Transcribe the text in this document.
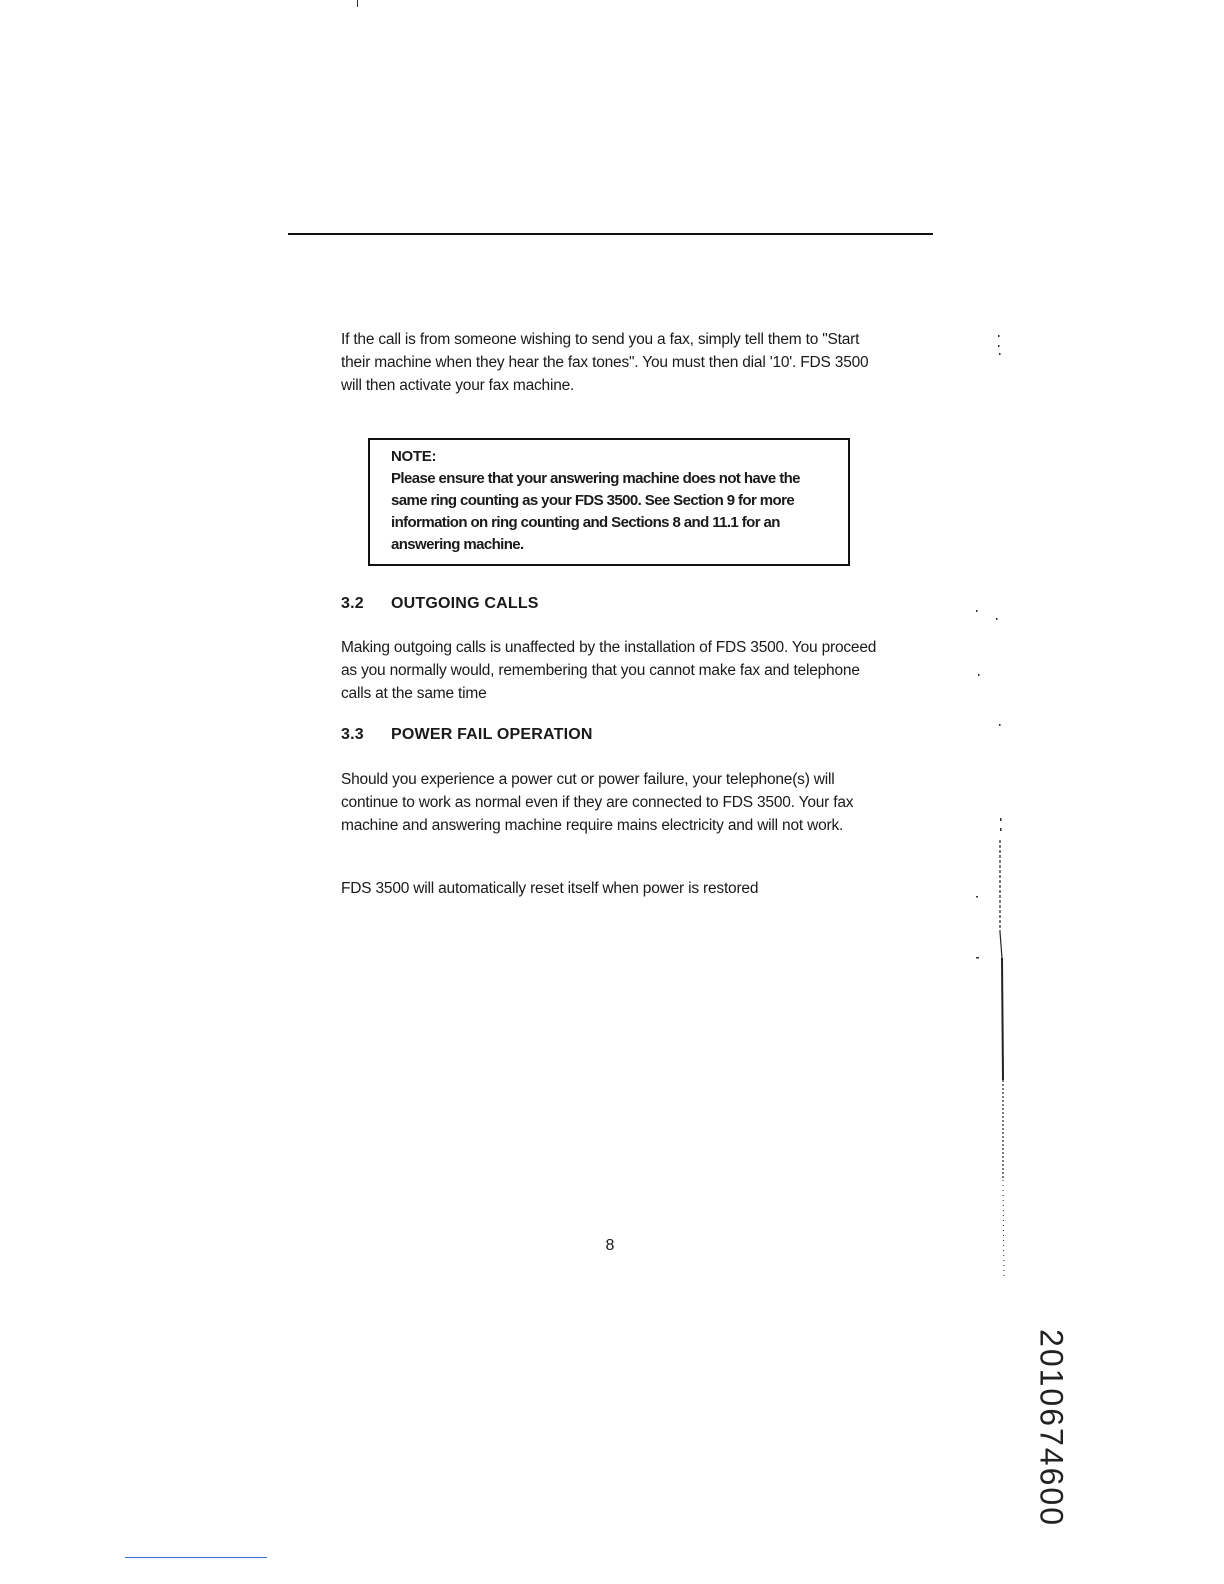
If the call is from someone wishing to send you a fax, simply tell them to "Start their machine when they hear the fax tones". You must then dial '10'. FDS 3500 will then activate your fax machine.

NOTE:

Please ensure that your answering machine does not have the same ring counting as your FDS 3500. See Section 9 for more information on ring counting and Sections 8 and 11.1 for an answering machine.

3.2 OUTGOING CALLS

Making outgoing calls is unaffected by the installation of FDS 3500. You proceed as you normally would, remembering that you cannot make fax and telephone calls at the same time

3.3 POWER FAIL OPERATION

Should you experience a power cut or power failure, your telephone(s) will continue to work as normal even if they are connected to FDS 3500. Your fax machine and answering machine require mains electricity and will not work.

FDS 3500 will automatically reset itself when power is restored

8
2010674600
